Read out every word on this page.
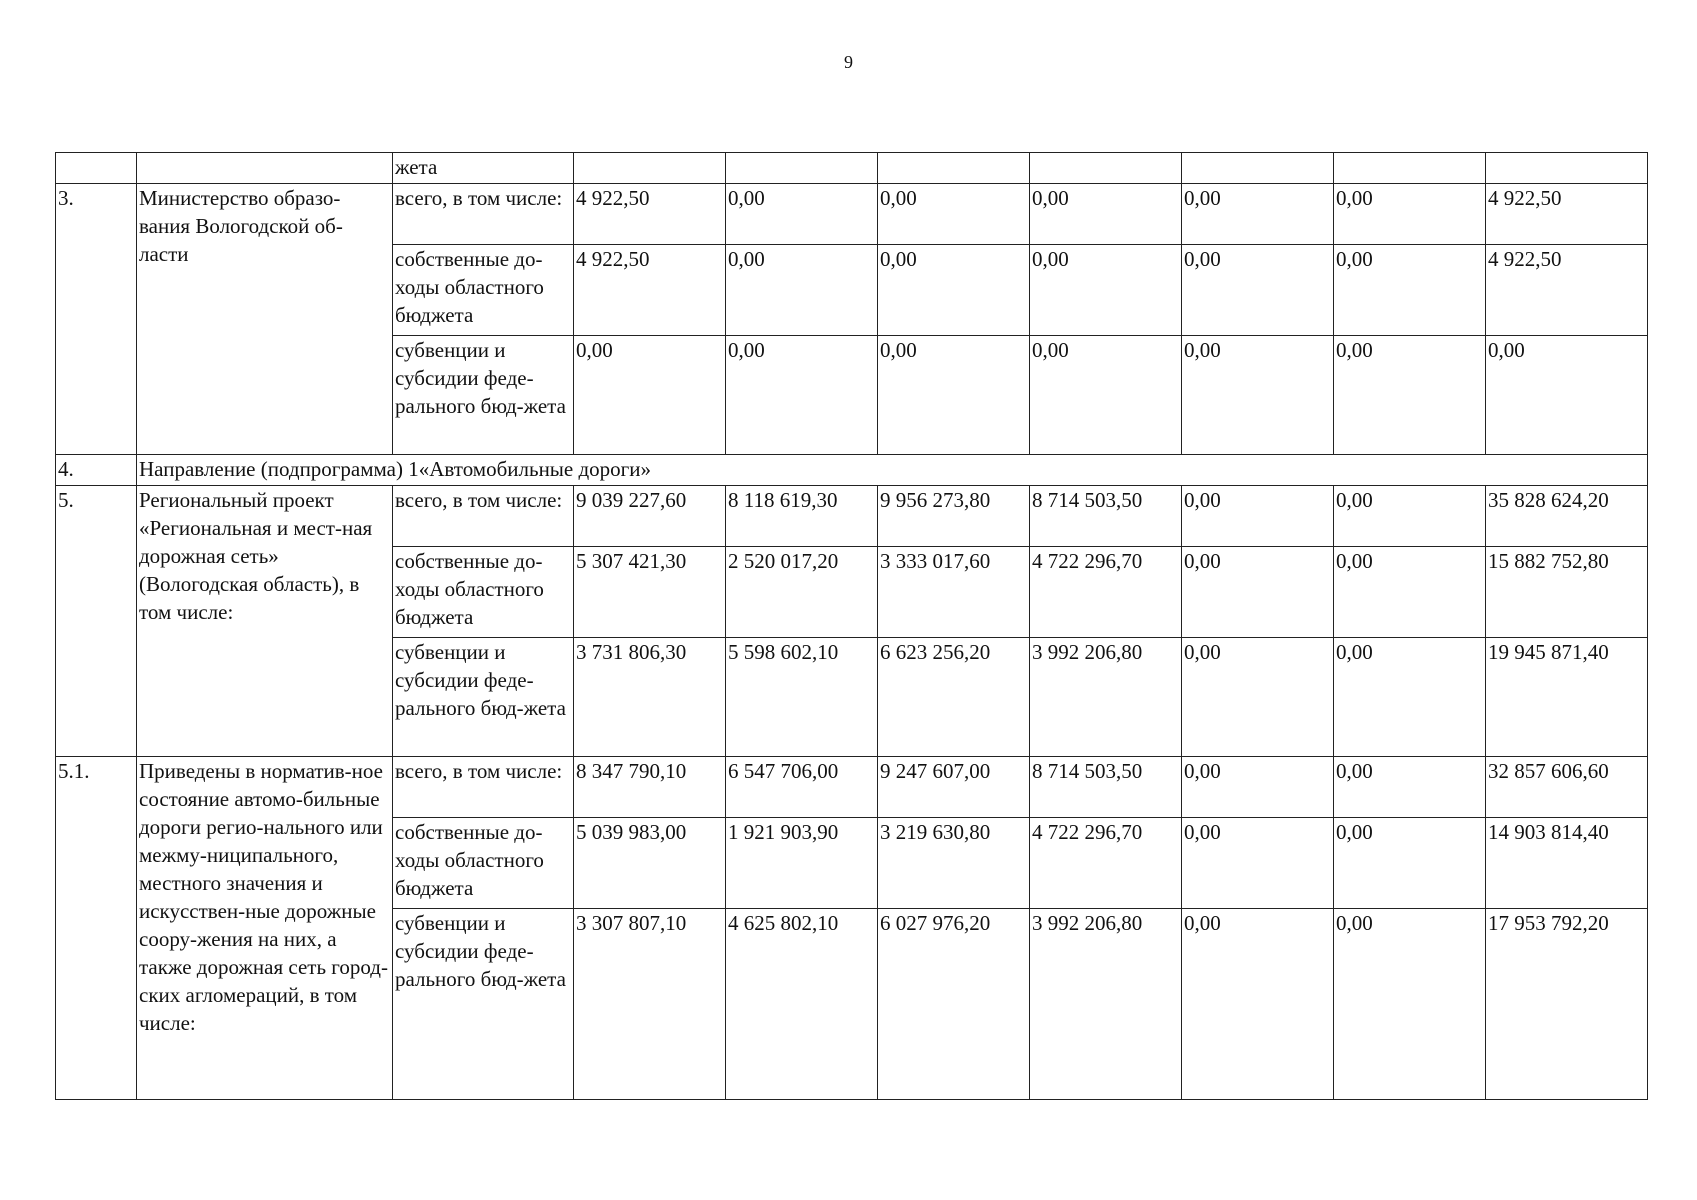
9
		жета							
3.	Министерство образо-вания Вологодской об-ласти	всего, в том числе:	4 922,50	0,00	0,00	0,00	0,00	0,00	4 922,50
		собственные до-ходы областного бюджета	4 922,50	0,00	0,00	0,00	0,00	0,00	4 922,50
		субвенции и субсидии феде-рального бюд-жета	0,00	0,00	0,00	0,00	0,00	0,00	0,00
4.	Направление (подпрограмма) 1«Автомобильные дороги»								
5.	Региональный проект «Региональная и мест-ная дорожная сеть» (Вологодская область), в том числе:	всего, в том числе:	9 039 227,60	8 118 619,30	9 956 273,80	8 714 503,50	0,00	0,00	35 828 624,20
		собственные до-ходы областного бюджета	5 307 421,30	2 520 017,20	3 333 017,60	4 722 296,70	0,00	0,00	15 882 752,80
		субвенции и субсидии феде-рального бюд-жета	3 731 806,30	5 598 602,10	6 623 256,20	3 992 206,80	0,00	0,00	19 945 871,40
5.1.	Приведены в норматив-ное состояние автомо-бильные дороги регио-нального или межму-ниципального, местного значения и искусствен-ные дорожные соору-жения на них, а также дорожная сеть город-ских агломераций, в том числе:	всего, в том числе:	8 347 790,10	6 547 706,00	9 247 607,00	8 714 503,50	0,00	0,00	32 857 606,60
		собственные до-ходы областного бюджета	5 039 983,00	1 921 903,90	3 219 630,80	4 722 296,70	0,00	0,00	14 903 814,40
		субвенции и субсидии феде-рального бюд-жета	3 307 807,10	4 625 802,10	6 027 976,20	3 992 206,80	0,00	0,00	17 953 792,20
